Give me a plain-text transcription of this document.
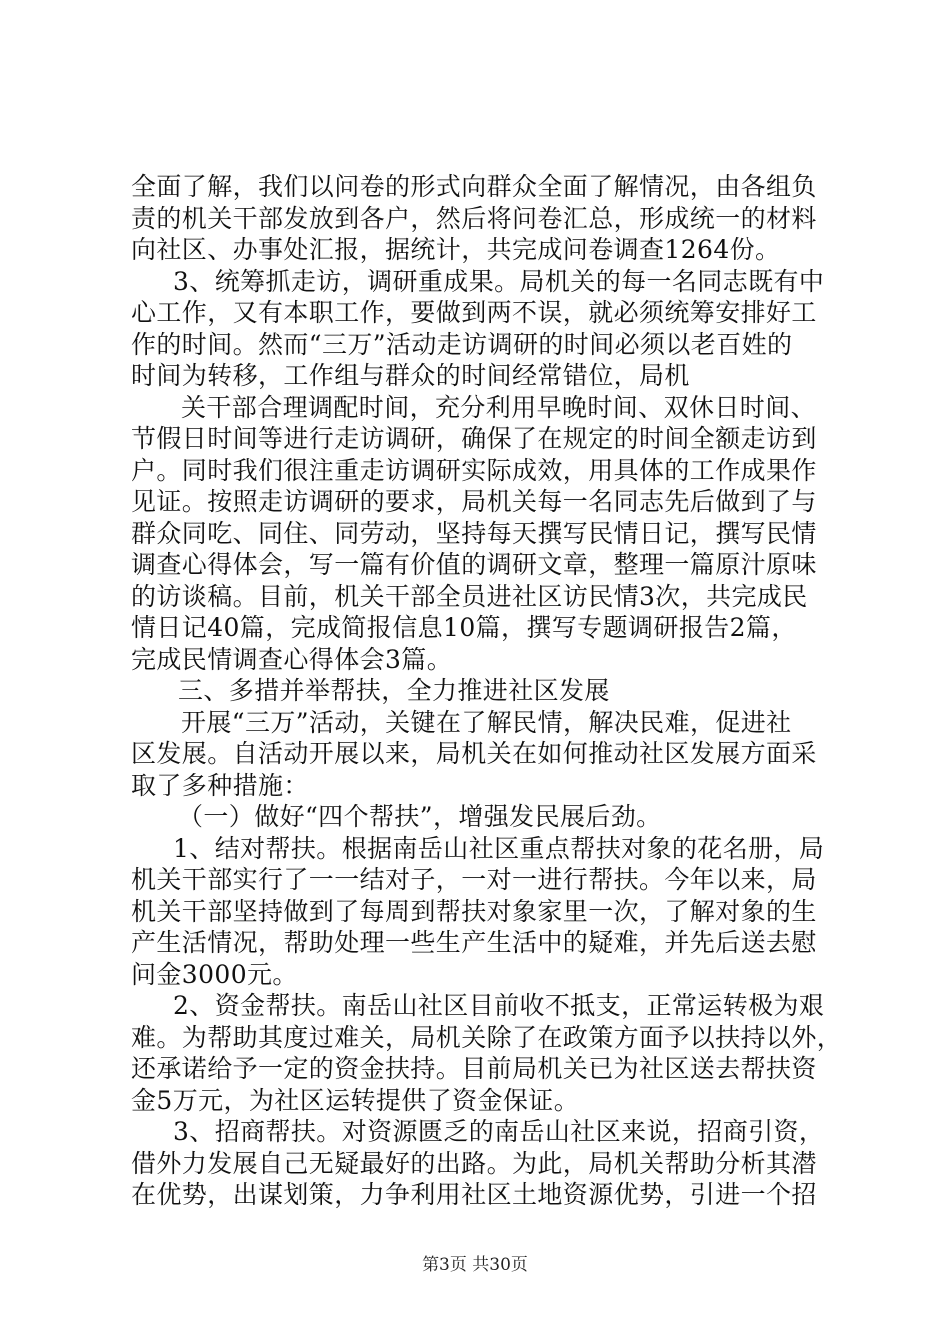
全面了解，我们以问卷的形式向群众全面了解情况，由各组负
责的机关干部发放到各户，然后将问卷汇总，形成统一的材料
向社区、办事处汇报，据统计，共完成问卷调查1264份。
3、统筹抓走访，调研重成果。局机关的每一名同志既有中
心工作，又有本职工作，要做到两不误，就必须统筹安排好工
作的时间。然而“三万”活动走访调研的时间必须以老百姓的
时间为转移，工作组与群众的时间经常错位，局机
关干部合理调配时间，充分利用早晚时间、双休日时间、
节假日时间等进行走访调研，确保了在规定的时间全额走访到
户。同时我们很注重走访调研实际成效，用具体的工作成果作
见证。按照走访调研的要求，局机关每一名同志先后做到了与
群众同吃、同住、同劳动，坚持每天撰写民情日记，撰写民情
调查心得体会，写一篇有价值的调研文章，整理一篇原汁原味
的访谈稿。目前，机关干部全员进社区访民情3次，共完成民
情日记40篇，完成简报信息10篇，撰写专题调研报告2篇，
完成民情调查心得体会3篇。
三、多措并举帮扶，全力推进社区发展
开展“三万”活动，关键在了解民情，解决民难，促进社
区发展。自活动开展以来，局机关在如何推动社区发展方面采
取了多种措施：
（一）做好“四个帮扶”，增强发民展后劲。
1、结对帮扶。根据南岳山社区重点帮扶对象的花名册，局
机关干部实行了一一结对子，一对一进行帮扶。今年以来，局
机关干部坚持做到了每周到帮扶对象家里一次，了解对象的生
产生活情况，帮助处理一些生产生活中的疑难，并先后送去慰
问金3000元。
2、资金帮扶。南岳山社区目前收不抵支，正常运转极为艰
难。为帮助其度过难关，局机关除了在政策方面予以扶持以外，
还承诺给予一定的资金扶持。目前局机关已为社区送去帮扶资
金5万元，为社区运转提供了资金保证。
3、招商帮扶。对资源匮乏的南岳山社区来说，招商引资，
借外力发展自己无疑最好的出路。为此，局机关帮助分析其潜
在优势，出谋划策，力争利用社区土地资源优势，引进一个招
第3页 共30页
